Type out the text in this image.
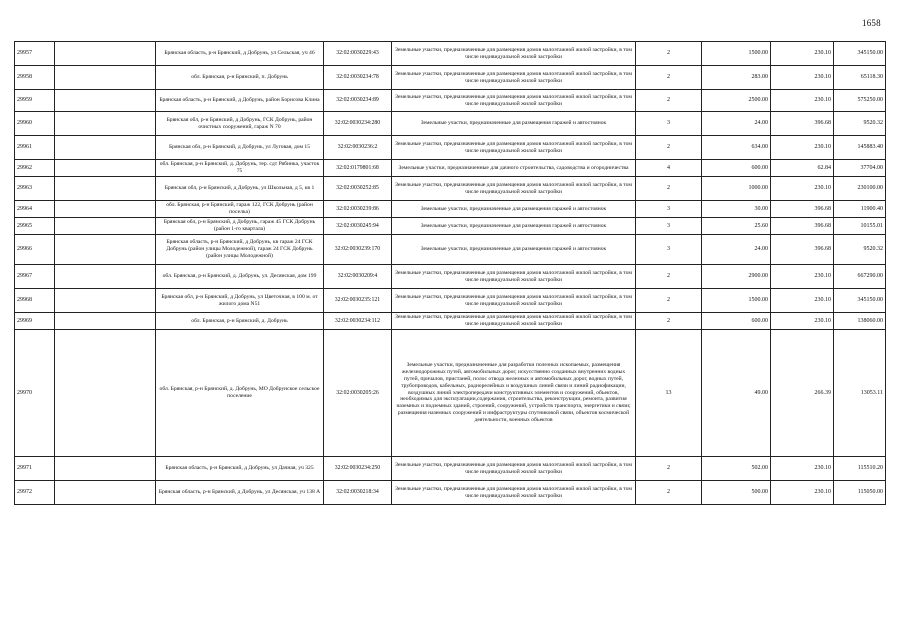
1658
29957		Брянская область, р-н Брянский, д Добрунь, ул Сельская, уч 46	32:02:0030229:43	Земельные участки, предназначенные для размещения домов малоэтажной жилой застройки, в том числе индивидуальной жилой застройки	2	1500.00	230.10	345150.00
29958		обл. Брянская, р-н Брянский, п. Добрунь	32:02:0030234:78	Земельные участки, предназначенные для размещения домов малоэтажной жилой застройки, в том числе индивидуальной жилой застройки	2	283.00	230.10	65118.30
29959		Брянская область, р-н Брянский, д Добрунь, район Борисова Клина	32:02:0030234:89	Земельные участки, предназначенные для размещения домов малоэтажной жилой застройки, в том числе индивидуальной жилой застройки	2	2500.00	230.10	575250.00
29960		Брянская обл, р-н Брянский, д Добрунь, ГСК Добрунь, район очистных сооружений, гараж N 70	32:02:0030234:280	Земельные участки, предназначенные для размещения гаражей и автостоянок	3	24.00	396.68	9520.32
29961		Брянская обл, р-н Брянский, д Добрунь, ул Луговая, дом 15	32:02:0030236:2	Земельные участки, предназначенные для размещения домов малоэтажной жилой застройки, в том числе индивидуальной жилой застройки	2	634.00	230.10	145883.40
29962		обл. Брянская, р-н Брянский, д. Добрунь, тер. сдт Рябинка, участок 75	32:02:0179801:68	Земельные участки, предназначенные для дачного строительства, садоводства и огородничества	4	600.00	62.84	37704.00
29963		Брянская обл, р-н Брянский, д Добрунь, ул Школьная, д 5, кв 1	32:02:0030252:85	Земельные участки, предназначенные для размещения домов малоэтажной жилой застройки, в том числе индивидуальной жилой застройки	2	1000.00	230.10	230100.00
29964		обл. Брянская, р-н Брянский, гараж 122, ГСК Добрунь (район поселка)	32:02:0030239:86	Земельные участки, предназначенные для размещения гаражей и автостоянок	3	30.00	396.68	11900.40
29965		Брянская обл, р-н Брянский, д Добрунь, гараж 45 ГСК Добрунь (район 1-го квартала)	32:02:0030245:94	Земельные участки, предназначенные для размещения гаражей и автостоянок	3	25.60	396.68	10155.01
29966		Брянская область, р-н Брянский, д Добрунь, кв гараж 24 ГСК Добрунь (район улицы Молодежной), гараж 24 ГСК Добрунь (район улицы Молодежной)	32:02:0030239:170	Земельные участки, предназначенные для размещения гаражей и автостоянок	3	24.00	396.68	9520.32
29967		обл. Брянская, р-н Брянский, д. Добрунь, ул. Десянская, дом 199	32:02:0030209:4	Земельные участки, предназначенные для размещения домов малоэтажной жилой застройки, в том числе индивидуальной жилой застройки	2	2900.00	230.10	667290.00
29968		Брянская обл, р-н Брянский, д Добрунь, ул Цветочная, в 100 м. от жилого дома N51	32:02:0030235:121	Земельные участки, предназначенные для размещения домов малоэтажной жилой застройки, в том числе индивидуальной жилой застройки	2	1500.00	230.10	345150.00
29969		обл. Брянская, р-н Брянский, д. Добрунь	32:02:0030234:112	Земельные участки, предназначенные для размещения домов малоэтажной жилой застройки, в том числе индивидуальной жилой застройки	2	600.00	230.10	138060.00
29970		обл. Брянская, р-н Брянский, д. Добрунь, МО Добрунское сельское поселение	32:02:0030205:26	Земельные участки, предназначенные для разработки полезных ископаемых, размещения железнодорожных путей, автомобильных дорог, искусственно созданных внутренних водных путей, причалов, пристаней, полос отвода железных и автомобильных дорог, водных путей, трубопроводов, кабельных, радиорелейных и воздушных линий связи и линий радиофикации, воздушных линий электропередачи конструктивных элементов и сооружений, объектов, необходимых для эксплуатации,содержания, строительства, реконструкции, ремонта, развития наземных и подземных зданий, строений, сооружений, устройств транспорта, энергетики и связи; размещения наземных сооружений и инфраструктуры спутниковой связи, объектов космической деятельности, военных объектов	13	49.00	266.39	13053.11
29971		Брянская область, р-н Брянский, д Добрунь, ул Дачная, уч 325	32:02:0030234:250	Земельные участки, предназначенные для размещения домов малоэтажной жилой застройки, в том числе индивидуальной жилой застройки	2	502.00	230.10	115510.20
29972		Брянская область, р-н Брянский, д Добрунь, ул Десянская, уч 138 А	32:02:0030218:34	Земельные участки, предназначенные для размещения домов малоэтажной жилой застройки, в том числе индивидуальной жилой застройки	2	500.00	230.10	115050.00
